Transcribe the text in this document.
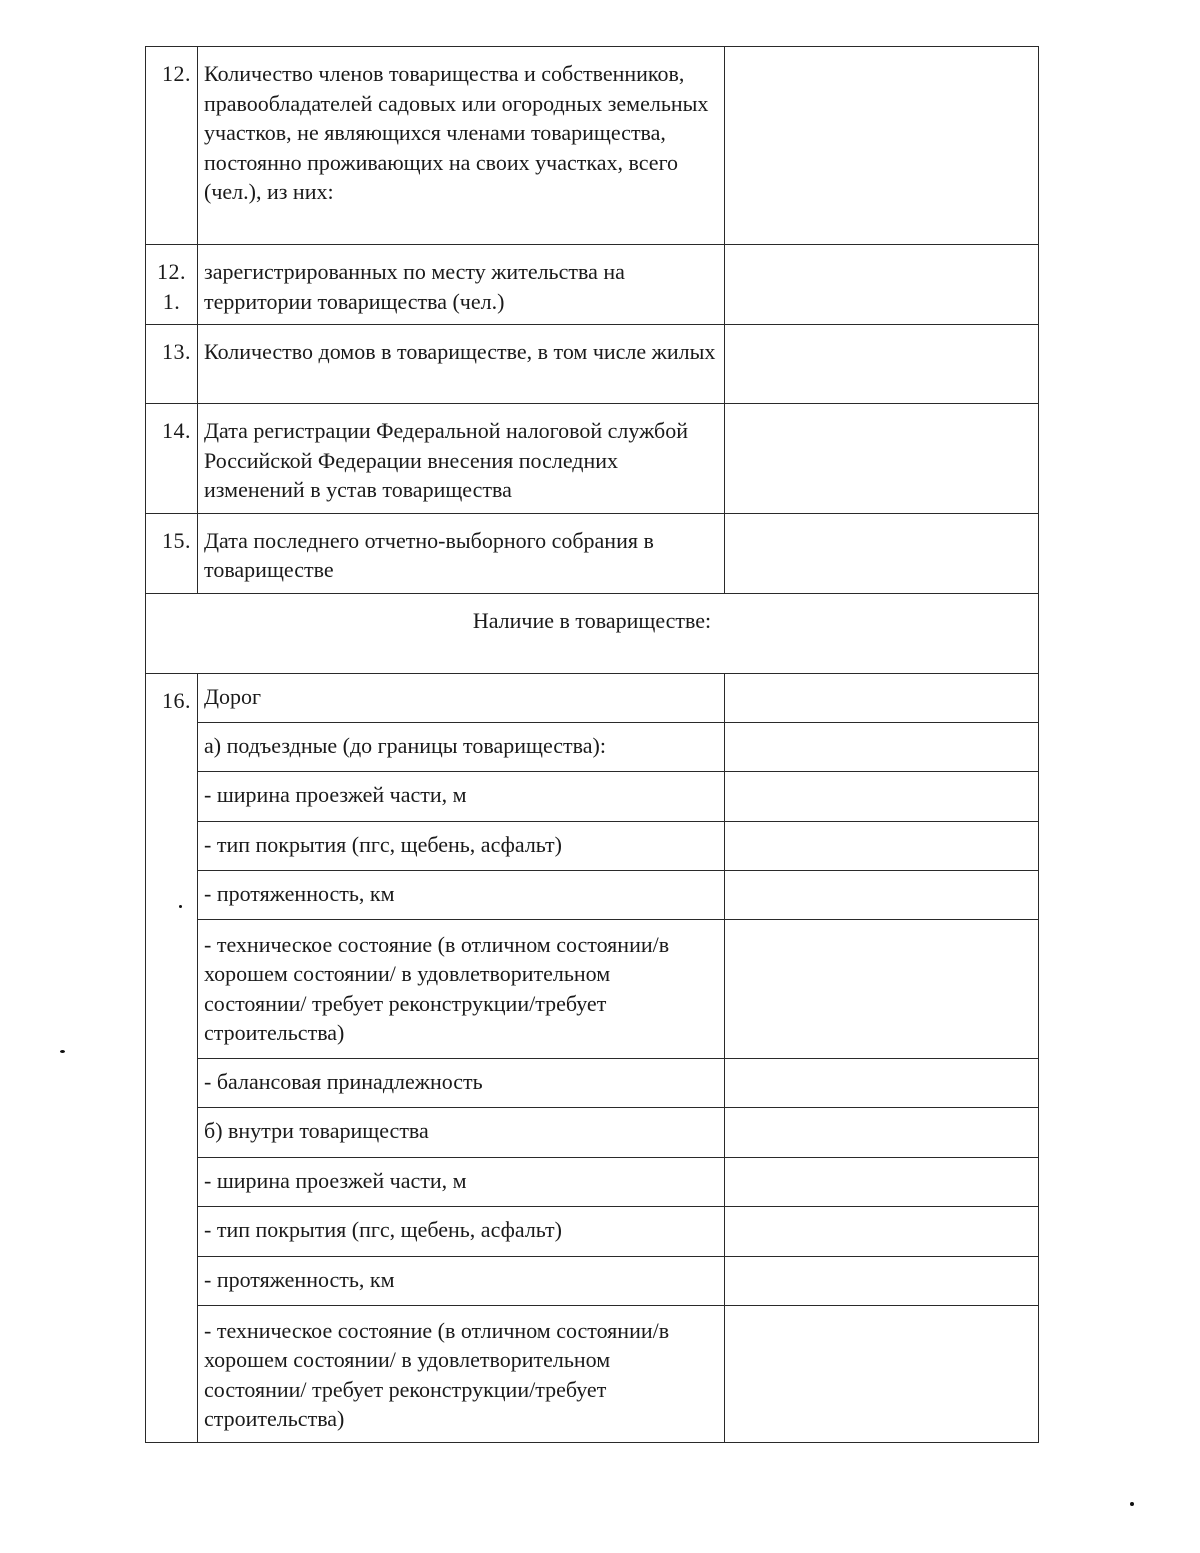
12.	Количество членов товарищества и собственников, правообладателей садовых или огородных земельных участков, не являющихся членами товарищества, постоянно проживающих на своих участках, всего (чел.), из них:	

12. 1.	зарегистрированных по месту жительства на территории товарищества (чел.)	
13.	Количество домов в товариществе, в том числе жилых	
14.	Дата регистрации Федеральной налоговой службой Российской Федерации внесения последних изменений в устав товарищества	
15.	Дата последнего отчетно-выборного собрания в товариществе	
Наличие в товариществе:		
16.	Дорог	
	а) подъездные (до границы товарищества):	
	- ширина проезжей части, м	
	- тип покрытия (пгс, щебень, асфальт)	
	- протяженность, км	
	- техническое состояние (в отличном состоянии/в хорошем состоянии/ в удовлетворительном состоянии/ требует реконструкции/требует строительства)	
	- балансовая принадлежность	
	б) внутри товарищества	
	- ширина проезжей части, м	
	- тип покрытия (пгс, щебень, асфальт)	
	- протяженность, км	
	- техническое состояние (в отличном состоянии/в хорошем состоянии/ в удовлетворительном состоянии/ требует реконструкции/требует строительства)	
